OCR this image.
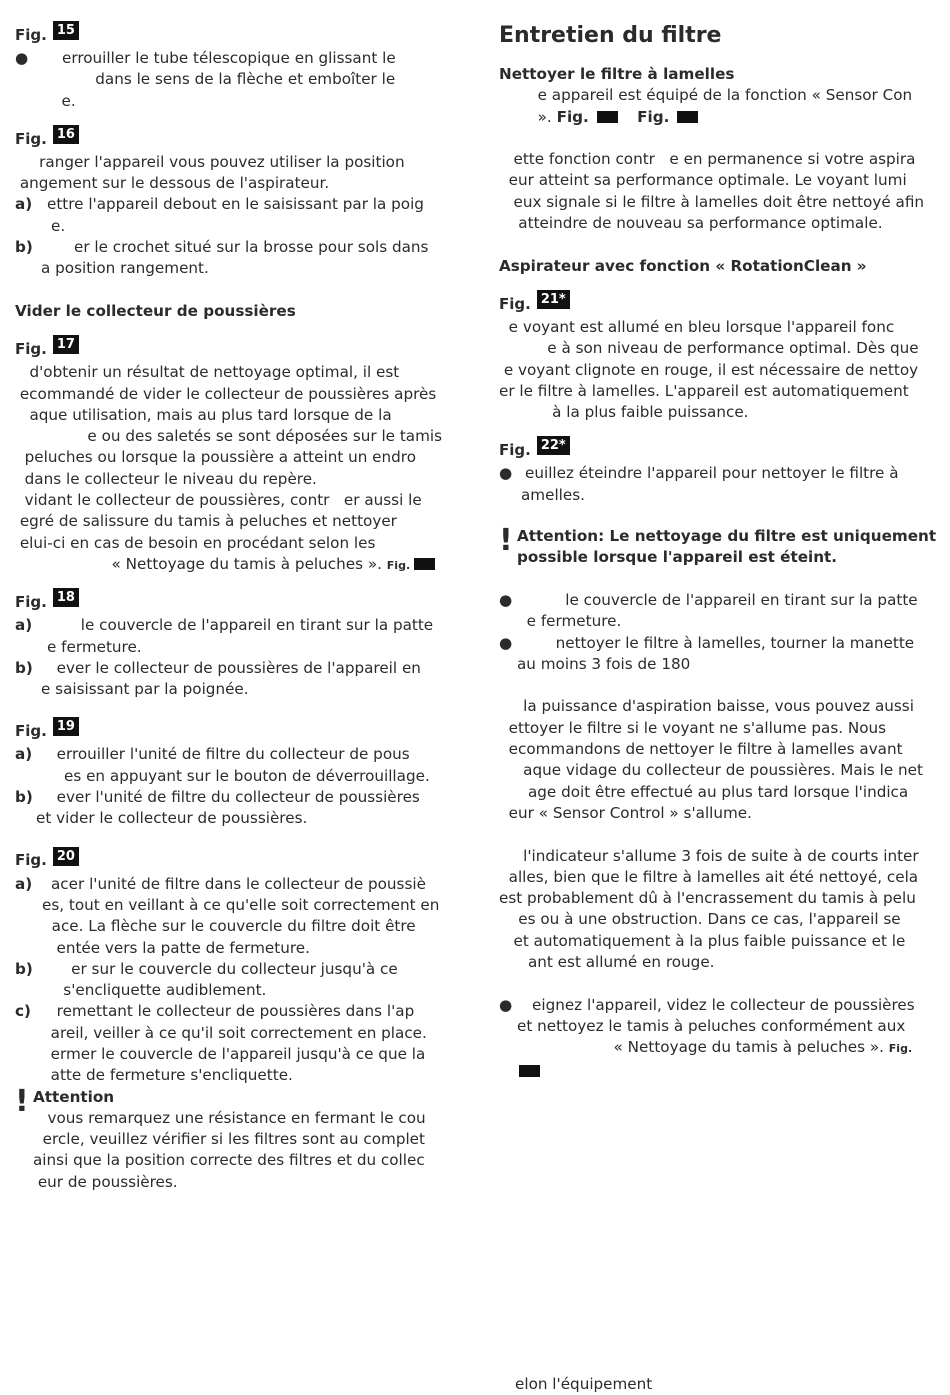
Fig. 15
●	errouiller le tube télescopique en glissant le
dans le sens de la flèche et emboîter le
e.
Fig. 16
ranger l'appareil vous pouvez utiliser la position
angement sur le dessous de l'aspirateur.
a) ettre l'appareil debout en le saisissant par la poig
e.
b)	er le crochet situé sur la brosse pour sols dans
a position rangement.
Vider le collecteur de poussières
Fig. 17
d'obtenir un résultat de nettoyage optimal, il est
ecommandé de vider le collecteur de poussières après
aque utilisation, mais au plus tard lorsque de la
e ou des saletés se sont déposées sur le tamis
peluches ou lorsque la poussière a atteint un endro
dans le collecteur le niveau du repère.
vidant le collecteur de poussières, contr   er aussi le
egré de salissure du tamis à peluches et nettoyer
elui-ci en cas de besoin en procédant selon les
« Nettoyage du tamis à peluches ». Fig.
Fig. 18
a) le couvercle de l'appareil en tirant sur la patte
e fermeture.
b) ever le collecteur de poussières de l'appareil en
e saisissant par la poignée.
Fig. 19
a) errouiller l'unité de filtre du collecteur de pous
es en appuyant sur le bouton de déverrouillage.
b) ever l'unité de filtre du collecteur de poussières
et vider le collecteur de poussières.
Fig. 20
a)	acer l'unité de filtre dans le collecteur de poussiè
es, tout en veillant à ce qu'elle soit correctement en
ace. La flèche sur le couvercle du filtre doit être
entée vers la patte de fermeture.
b) er sur le couvercle du collecteur jusqu'à ce
s'encliquette audiblement.
c)	remettant le collecteur de poussières dans l'ap
areil, veiller à ce qu'il soit correctement en place.
ermer le couvercle de l'appareil jusqu'à ce que la
atte de fermeture s'encliquette.
! Attention
vous remarquez une résistance en fermant le cou
ercle, veuillez vérifier si les filtres sont au complet
ainsi que la position correcte des filtres et du collec
eur de poussières.
Entretien du filtre
Nettoyer le filtre à lamelles
e appareil est équipé de la fonction « Sensor Con
». Fig.	Fig.
ette fonction contr   e en permanence si votre aspira
eur atteint sa performance optimale. Le voyant lumi
eux signale si le filtre à lamelles doit être nettoyé afin
atteindre de nouveau sa performance optimale.
Aspirateur avec fonction « RotationClean »
Fig. 21*
e voyant est allumé en bleu lorsque l'appareil fonc
e à son niveau de performance optimal. Dès que
e voyant clignote en rouge, il est nécessaire de nettoy
er le filtre à lamelles. L'appareil est automatiquement
à la plus faible puissance.
Fig. 22*
● euillez éteindre l'appareil pour nettoyer le filtre à
amelles.
! Attention: Le nettoyage du filtre est uniquement
possible lorsque l'appareil est éteint.
● le couvercle de l'appareil en tirant sur la patte
e fermeture.
● nettoyer le filtre à lamelles, tourner la manette
au moins 3 fois de 180
la puissance d'aspiration baisse, vous pouvez aussi
ettoyer le filtre si le voyant ne s'allume pas. Nous
ecommandons de nettoyer le filtre à lamelles avant
aque vidage du collecteur de poussières. Mais le net
age doit être effectué au plus tard lorsque l'indica
eur « Sensor Control » s'allume.
l'indicateur s'allume 3 fois de suite à de courts inter
alles, bien que le filtre à lamelles ait été nettoyé, cela
est probablement dû à l'encrassement du tamis à pelu
es ou à une obstruction. Dans ce cas, l'appareil se
et automatiquement à la plus faible puissance et le
ant est allumé en rouge.
●	eignez l'appareil, videz le collecteur de poussières
et nettoyez le tamis à peluches conformément aux
« Nettoyage du tamis à peluches ». Fig.
elon l'équipement
